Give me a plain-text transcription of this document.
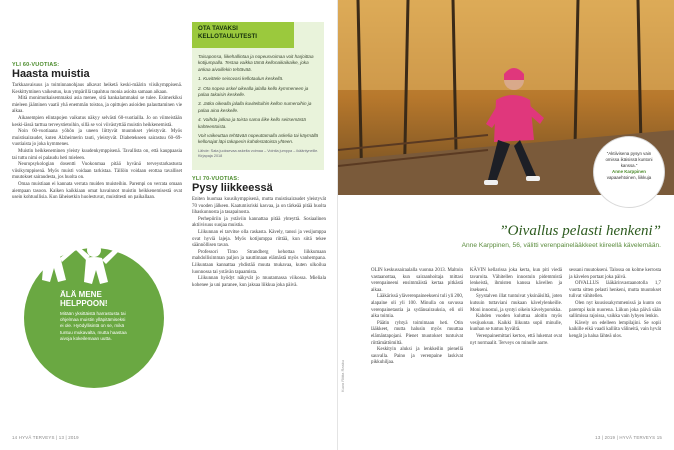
YLI 60-VUOTIAS:
Haasta muistia

Tarkkaavaisuus ja toiminnanohjaus alkavat heiketä keski-määrin viisikymppisenä. Keskittyminen vaikeutuu, kun ympärillä tapahtuu monia asioita samaan aikaan.

Mitä monimutkaisemmaksi asia menee, sitä hankalammaksi se tulee. Esimerkiksi mieleen jääminen vaatii yhä enemmän toistoa, ja opittujen asioiden palauttaminen vie aikaa.

Aikasempien elintapojen vaikutus näkyy selvästi 60-vuotiailla. Jo on viimeistään keski-iässä tarttua terveystietoihin, sillä se voi viivästyttää muistin heikkenemistä.

Noin 60-vuotiaana yöhön ja uneen liittyvät muutokset yleistyvät. Myös muistisairaudet, kuten Alzheimerin tauti, yleistyvät. Diabetekseen sairastuu 60–69-vuotiaista jo joka kymmenes.

Muistin heikkeneminen yleisty kuudenkymppisenä. Tavallista on, että kauppaasia tai tuttu nimi ei palaudu heti mieleen.

Neuropsykologian dosentti Vuokonmaa pitää hyvänä terveystarkastusta viisikymppisenä. Myös muisti voidaan tarkistaa. Tällöin voidaan erottaa tavalliset muutokset sairaudesta, jos huolta on.

Omaa muistiaan ei kannata verrata muiden muisteihin. Parempi on verrata omaan aiempaan tasoon. Kaiken kaikkiaan omat havainnot muistin heikkenemisestä ovat usein kohtuullisia. Kun läheisetkin huolestuvat, muistitesti on paikallaan.

OTA TAVAKSI KELLOTAULUTESTI

Taisaponsa, liikehallintaa ja nopeusvoimaa voit harjoittaa kotijumpalla. Testaa vaikka tämä kellonaikaikaike, joka ankaa aivoillekin tehtävää.

1. Kuvittele seisovasi kellotaulun keskellä.

2. Ota nopea askel oikealla jalalla kello kymmeneen ja palaa takaisin keskelle.

3. Jatka oikealla jalalla kuviteltuihin kellon numeroihin ja palaa aina keskelle.

4. Vaihda jalkaa ja toista sama liike kello seitsemästä kahteentoista.

Voit vaikeuttaa tehtävää nopeuttamalla askelia tai käymällä kellonajat läpi takaperin kahdestatoista yhteen.

Lähde: Sata juoksevaa askelta voimaa – Vointia jumppa – ikääntyneille. Kirjapaja 2018

YLI 70-VUOTIAS:
Pysy liikkeessä

Eniten huomaa kuusikymppisenä, mutta muistisairaudet yleistyvät 70 vuoden jälkeen. Kaatumisriski kasvaa, ja on tärkeää pitää huolta lihaskunnosta ja tasapainosta.

Perhepiiriin ja ystäviin kannattaa pitää yhteyttä. Sosiaalinen aktiivisuus suojaa muistia.

Liikunnan ei tarvitse olla raskasta. Kävely, tanssi ja vesijumppa ovat hyviä lajeja. Myös kotijumppa riittää, kun siitä tekee säännöllisen tavan.

Professori Timo Strandberg kehottaa liikkumaan mahdollisimman paljon ja nauttimaan elämästä myös vanhempana. Liikuntaan kannattaa yhdistää muuta mukavaa, kuten ulkoilua luonnossa tai ystävän tapaamista.

Liikunnan hyödyt näkyvät jo muutamassa viikossa. Mieliala kohenee ja uni paranee, kun jaksaa liikkua joka päivä.

ÄLÄ MENE HELPPOON!
Mitään yksittäistä harrastusta tai ohjelmaa muistin ylläpitämiseksi ei ole. Hyödyllisintä on se, mikä tuntuu mukavalta, mutta haastaa aivoja kokeilemaan uutta.
14 HYVÄ TERVEYS | 13 | 2019
”Aktiivisena pysyn vain omissa ikäisissä kuntoni kanssa.”
Anne Karppinen
vapaaehtoinen, liikkuja
”Oivallus pelasti henkeni”
Anne Karppinen, 56, välitti verenpainelääkkeet kiireellä kävelemään.

OLIN keskussairaalalla vuonna 2013. Maltoin vastaanottaa, kun sairaanhoitaja mittasi verenpaineeni ensimmäistä kertaa pitkästä aikaa.

Lääkärissä yläverenpaineekseni tuli yli 200, alapaine oli yli 100. Minulla on suvussa verenpainetautia ja sydänsairauksia, eli oli aika toimia.

Päätin ryhtyä toimimaan heti. Otin lääkkeet, mutta halusin myös muuttaa elämäntapojani. Pienet muutokset tuntuivat riittämättömiltä.

Keskityin aluksi ja lenkkeilin pienellä sauvalla. Paino ja verenpaine laskivat pikkuhiljaa.

KÄVIN kellarissa joka kerta, kun piti viedä tavaroita. Vähitellen innostuin pidemmistä lenkeistä, ihmisten kanssa kävellen ja itsekseni.

Syystalven illat tuntuivat yksinäisiltä, joten kutsuin tuttaviani mukaan kävelylenkeille. Moni innostui, ja syntyi oikein kävelyporukka.

Kahden vuoden kuluttua aloitin myös vesijuoksun. Kaikki liikunta sopii minulle, kunhan se tuntuu hyvältä.

Verenpainemittari kertoo, että lukemat ovat nyt normaalit. Terveys on minulle aarre.

sessani muutokseni. Talossa on kolme kerrosta ja kävelen portaat joka päivä.

OIVALLUS lääkärinvastaanotolla 1,7 vuotta sitten pelasti henkeni, mutta muutokset tulivat vähitellen.

Olen nyt kuusissakymmenissä ja kunto on parempi kuin nuorena. Liikun joka päivä sään sallimissa rajoissa, vaikka vain lyhyen lenkin.

Kävely on edelleen lempilajini. Se sopii kaikille eikä vaadi kalliita välineitä, vain hyvät kengät ja halua lähteä ulos.

Kuva Riitta Rasku
13 | 2019 | HYVÄ TERVEYS 15
